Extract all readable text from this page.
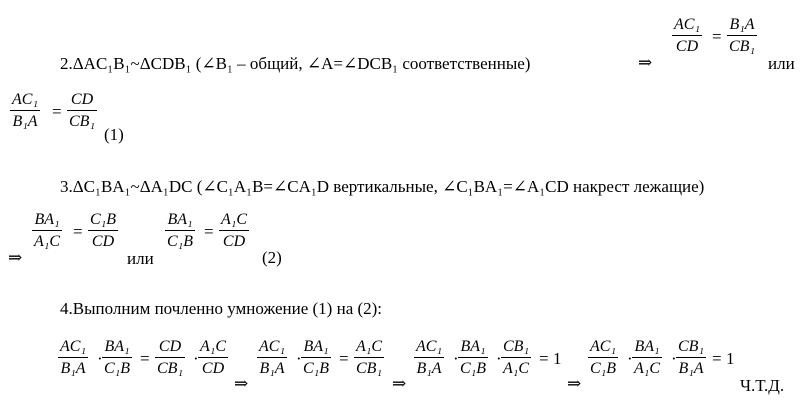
2.ΔAC₁B₁~ΔCDB₁ (∠B₁ – общий, ∠A=∠DCB₁ соответственные)	⇒
$\frac{\text{AC₁}}{CD} = \frac{\text{B₁A}}{\text{CB₁}}$
или
$\frac{\text{AC₁}}{\text{B₁A}} = \frac{CD}{\text{CB₁}}$
(1)
3.ΔC₁BA₁~ΔA₁DC (∠C₁A₁B=∠CA₁D вертикальные, ∠C₁BA₁=∠A₁CD накрест лежащие)
⇒
$\frac{\text{BA₁}}{\text{A₁C}} = \frac{\text{C₁B}}{CD}$
или
$\frac{\text{BA₁}}{\text{C₁B}} = \frac{\text{A₁C}}{CD}$
(2)
4.Выполним почленно умножение (1) на (2):
$\frac{\text{AC₁}}{\text{B₁A}} \cdot \frac{\text{BA₁}}{\text{C₁B}} = \frac{CD}{\text{CB₁}} \cdot \frac{\text{A₁C}}{CD}$
⇒
$\frac{\text{AC₁}}{\text{B₁A}} \cdot \frac{\text{BA₁}}{\text{C₁B}} = \frac{\text{A₁C}}{\text{CB₁}}$
⇒
$\frac{\text{AC₁}}{\text{B₁A}} \cdot \frac{\text{BA₁}}{\text{C₁B}} \cdot \frac{\text{CB₁}}{\text{A₁C}} = 1$
⇒
$\frac{\text{AC₁}}{\text{C₁B}} \cdot \frac{\text{BA₁}}{\text{A₁C}} \cdot \frac{\text{CB₁}}{\text{B₁A}} = 1$
Ч.Т.Д.
